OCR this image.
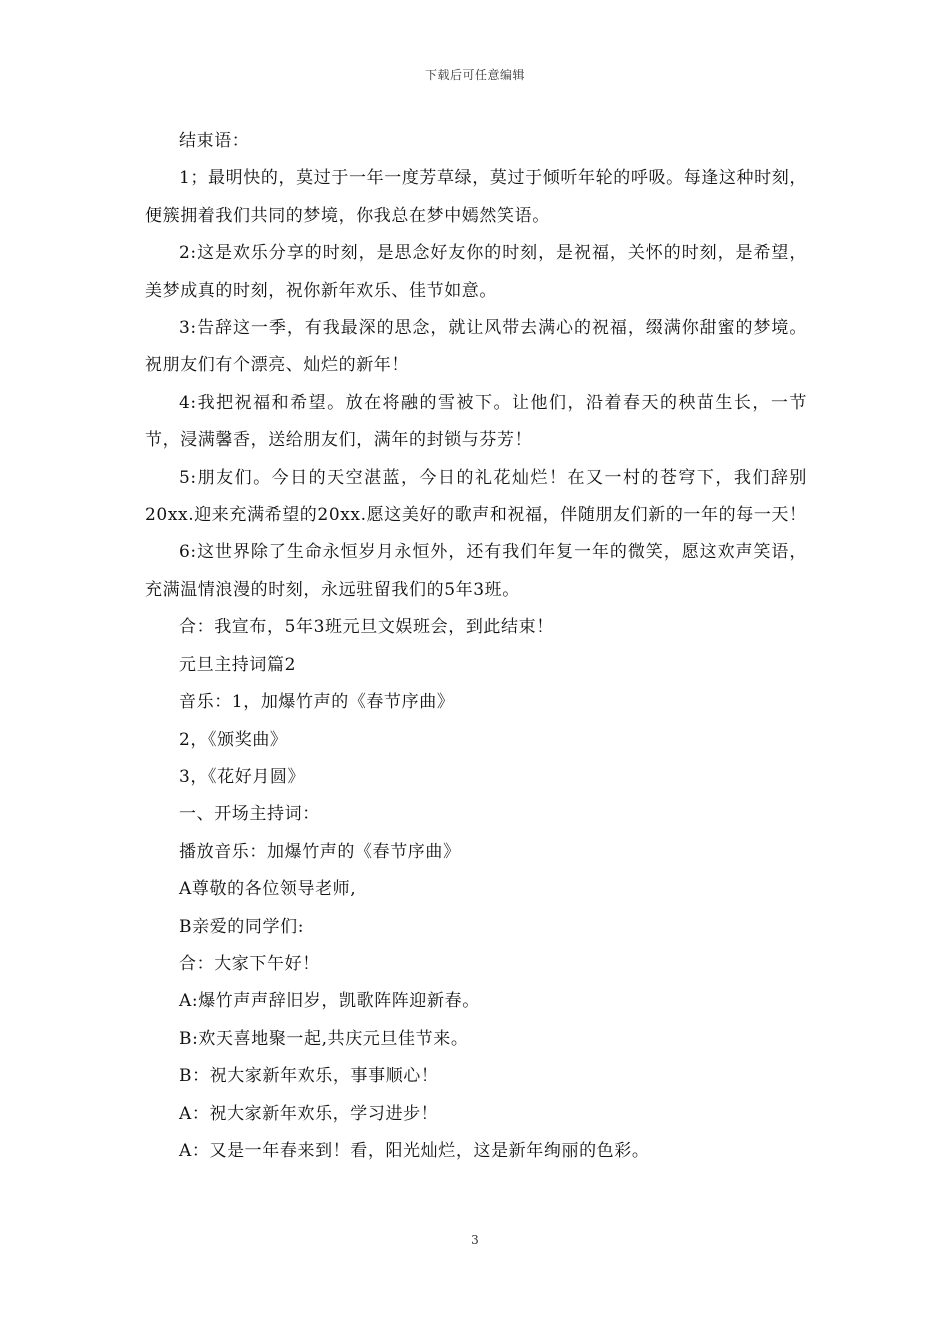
下载后可任意编辑

结束语：

1；最明快的，莫过于一年一度芳草绿，莫过于倾听年轮的呼吸。每逢这种时刻，便簇拥着我们共同的梦境，你我总在梦中嫣然笑语。

2:这是欢乐分享的时刻，是思念好友你的时刻，是祝福，关怀的时刻，是希望，美梦成真的时刻，祝你新年欢乐、佳节如意。

3:告辞这一季，有我最深的思念，就让风带去满心的祝福，缀满你甜蜜的梦境。祝朋友们有个漂亮、灿烂的新年！

4:我把祝福和希望。放在将融的雪被下。让他们，沿着春天的秧苗生长，一节节，浸满馨香，送给朋友们，满年的封锁与芬芳！

5:朋友们。今日的天空湛蓝，今日的礼花灿烂！在又一村的苍穹下，我们辞别20xx.迎来充满希望的20xx.愿这美好的歌声和祝福，伴随朋友们新的一年的每一天！

6:这世界除了生命永恒岁月永恒外，还有我们年复一年的微笑，愿这欢声笑语，充满温情浪漫的时刻，永远驻留我们的5年3班。

合：我宣布，5年3班元旦文娱班会，到此结束！

元旦主持词篇2

音乐：1，加爆竹声的《春节序曲》

2，《颁奖曲》

3，《花好月圆》

一、开场主持词：

播放音乐：加爆竹声的《春节序曲》

A尊敬的各位领导老师,

B亲爱的同学们:

合：大家下午好！

A:爆竹声声辞旧岁，凯歌阵阵迎新春。

B:欢天喜地聚一起,共庆元旦佳节来。

B：祝大家新年欢乐，事事顺心！

A：祝大家新年欢乐，学习进步！

A：又是一年春来到！看，阳光灿烂，这是新年绚丽的色彩。

3
